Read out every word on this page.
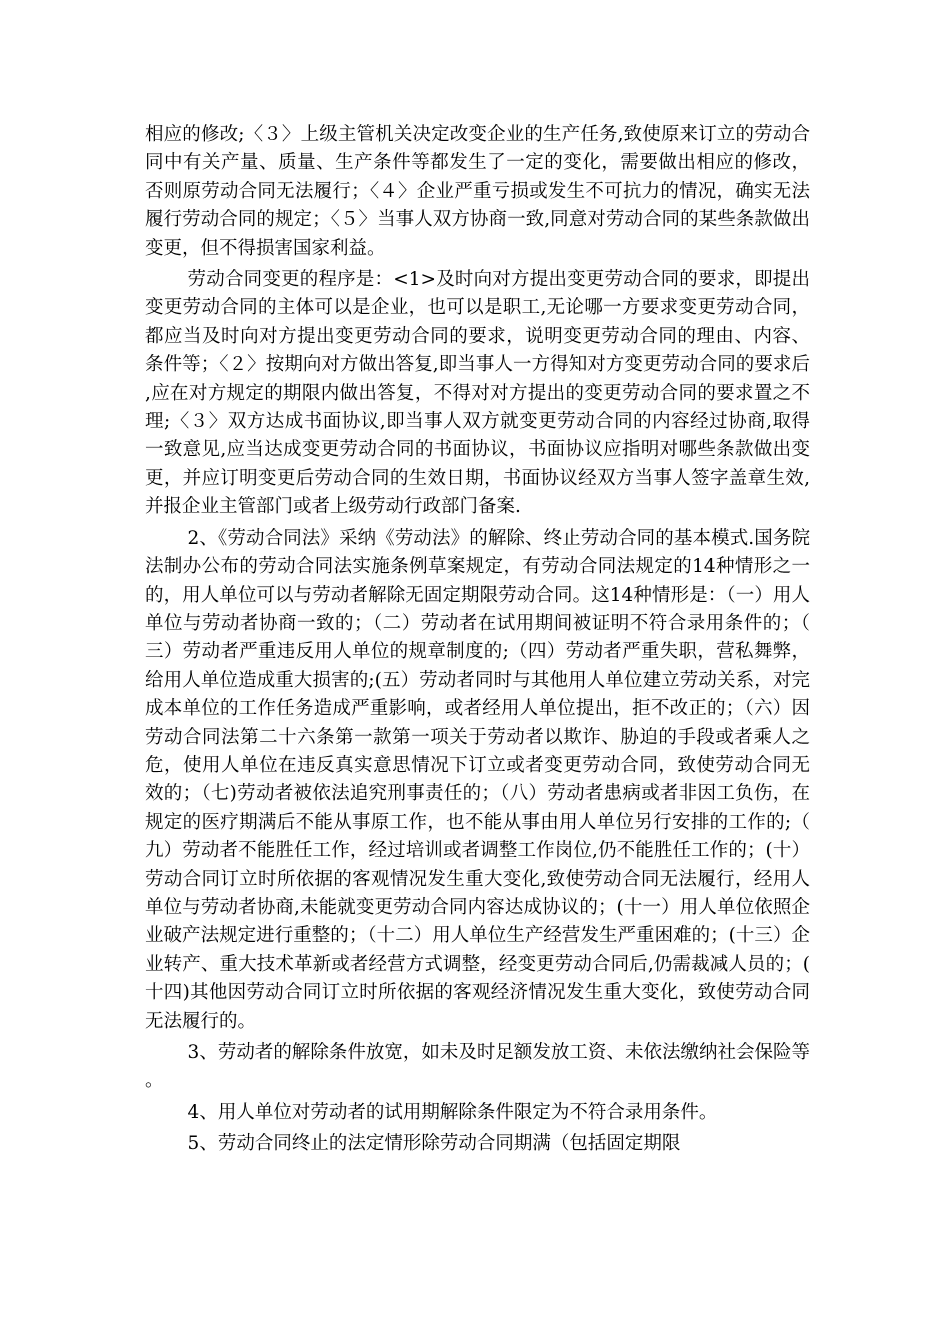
相应的修改;〈３〉上级主管机关决定改变企业的生产任务,致使原来订立的劳动合同中有关产量、质量、生产条件等都发生了一定的变化，需要做出相应的修改，否则原劳动合同无法履行；〈４〉企业严重亏损或发生不可抗力的情况，确实无法履行劳动合同的规定；〈５〉当事人双方协商一致,同意对劳动合同的某些条款做出变更，但不得损害国家利益。

劳动合同变更的程序是：<1>及时向对方提出变更劳动合同的要求，即提出变更劳动合同的主体可以是企业，也可以是职工,无论哪一方要求变更劳动合同，都应当及时向对方提出变更劳动合同的要求，说明变更劳动合同的理由、内容、条件等；〈２〉按期向对方做出答复,即当事人一方得知对方变更劳动合同的要求后,应在对方规定的期限内做出答复，不得对对方提出的变更劳动合同的要求置之不理;〈３〉双方达成书面协议,即当事人双方就变更劳动合同的内容经过协商,取得一致意见,应当达成变更劳动合同的书面协议，书面协议应指明对哪些条款做出变更，并应订明变更后劳动合同的生效日期，书面协议经双方当事人签字盖章生效,并报企业主管部门或者上级劳动行政部门备案.

2、《劳动合同法》采纳《劳动法》的解除、终止劳动合同的基本模式.国务院法制办公布的劳动合同法实施条例草案规定，有劳动合同法规定的14种情形之一的，用人单位可以与劳动者解除无固定期限劳动合同。这14种情形是：（一）用人单位与劳动者协商一致的；（二）劳动者在试用期间被证明不符合录用条件的；（三）劳动者严重违反用人单位的规章制度的;（四）劳动者严重失职，营私舞弊，给用人单位造成重大损害的;(五）劳动者同时与其他用人单位建立劳动关系，对完成本单位的工作任务造成严重影响，或者经用人单位提出，拒不改正的；（六）因劳动合同法第二十六条第一款第一项关于劳动者以欺诈、胁迫的手段或者乘人之危，使用人单位在违反真实意思情况下订立或者变更劳动合同，致使劳动合同无效的；（七)劳动者被依法追究刑事责任的；（八）劳动者患病或者非因工负伤，在规定的医疗期满后不能从事原工作，也不能从事由用人单位另行安排的工作的;（九）劳动者不能胜任工作，经过培训或者调整工作岗位,仍不能胜任工作的；(十）劳动合同订立时所依据的客观情况发生重大变化,致使劳动合同无法履行，经用人单位与劳动者协商,未能就变更劳动合同内容达成协议的；(十一）用人单位依照企业破产法规定进行重整的；（十二）用人单位生产经营发生严重困难的；(十三）企业转产、重大技术革新或者经营方式调整，经变更劳动合同后,仍需裁减人员的；(十四)其他因劳动合同订立时所依据的客观经济情况发生重大变化，致使劳动合同无法履行的。

3、劳动者的解除条件放宽，如未及时足额发放工资、未依法缴纳社会保险等。

4、用人单位对劳动者的试用期解除条件限定为不符合录用条件。

5、劳动合同终止的法定情形除劳动合同期满（包括固定期限
